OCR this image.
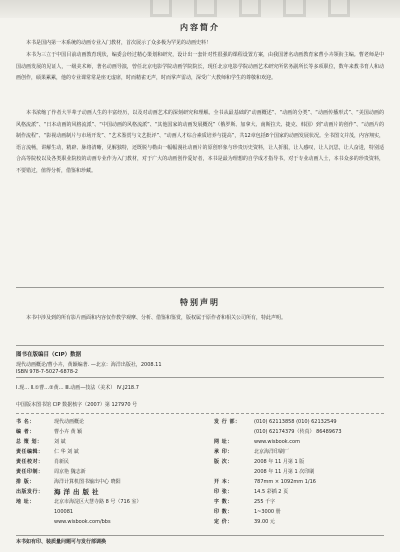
内容简介

本书是国内第一本系统的动画专业入门教材，首次展示了众多极为罕见的动画史料！

本书为三立于中国目前动画教育现状，编委会经过精心策划和研究，设计出一套针对性很强的课程设置方案，由我国著名动画教育家曹小卉领衔主编。曹老师是中国动画发展的见证人，一级美术师，著名动画导演，曾任北京电影学院动画学院院长，现任北京电影学院动画艺术研究所常务副所长等多项职位，数年来教书育人和动画创作，硕果累累，他的专业课常常是座无虚席，时而精雀无声，时而掌声雷动，深受广大教师和学生的尊敬和欢迎。

本书浓缩了作者大半辈子动画人生的丰富经历，以及对动画艺术的深刻研究和理解。全书从最基础的“动画概述”、“动画的分类”、“动画传播形式”、“美国动画的风格流派”、“日本动画的风格流派”、“中国动画的风格流派”、“其他国家的动画发展概况”（俄罗斯、加拿大、南斯拉夫、捷克、韩国）到“动画片的创作”、“动画片的制作流程”、“影视动画制片与市场开发”、“艺术鉴赏与文艺批评”、“动画人才综合素质培养与提高”，共12章包括8个国家的动画发展状况。全书图文并茂，内容翔实，语言流畅，讲解生动，精辟、脉络清晰，见解独特，还既脱与勒由一幅幅漫社动画片的原创形象与珍贵历史资料，让人折服，让人感叹，让人沉思，让人奋进，特别适合高等院校以及各类职业院校的动画专业作为入门教材，对于广大的动画创作爱好者，本书是最为理想的自学成才指导书，对于专业动画人士，本书众多的珍贵资料，不要错过，值得分析，借鉴和珍藏。

特别声明

本书中涉及到的所有影片画面和内容仅作教学观摩、分析、借鉴和鉴赏，版权属于原作者和相关公司所有，特此声明。

图书在版编目（CIP）数据

现代动画概论/曹小卉，黄颖编著. —北京：海洋出版社，2008.11

ISBN 978-7-5027-6878-2

Ⅰ.现… Ⅱ.①曹…②黄… Ⅲ.动画—技法（美术） Ⅳ.J218.7

中国版本图书馆 CIP 数据核字（2007）第 127970 号

书 名：	现代动画概论
编 者：	曹小卉 黄 颖
总 策 划：	刘 斌
责任编辑：	仁 华 刘 斌
责任校对：	肖新民
责任印制：	周京艳 魏志新
排 版：	海洋计算机图书输出中心 晓阳
出版发行：	海洋出版社
地 址：	北京市海淀区大慧寺路 8 号（716 室）
100081
www.wisbook.com/bbs
发 行 部：	(010) 62113858 (010) 62132549
(010) 62174379（传真） 86489673
网 址：	www.wisbook.com
承 印：	北京海洋印刷厂
版 次：	2008 年 11 月第 1 版
2008 年 11 月第 1 次印刷
开 本：	787mm × 1092mm 1/16
印 张：	14.5 彩插 2 页
字 数：	255 千字
印 数：	1~3000 册
定 价：	39.00 元

本书如有印、装质量问题可与发行部调换
